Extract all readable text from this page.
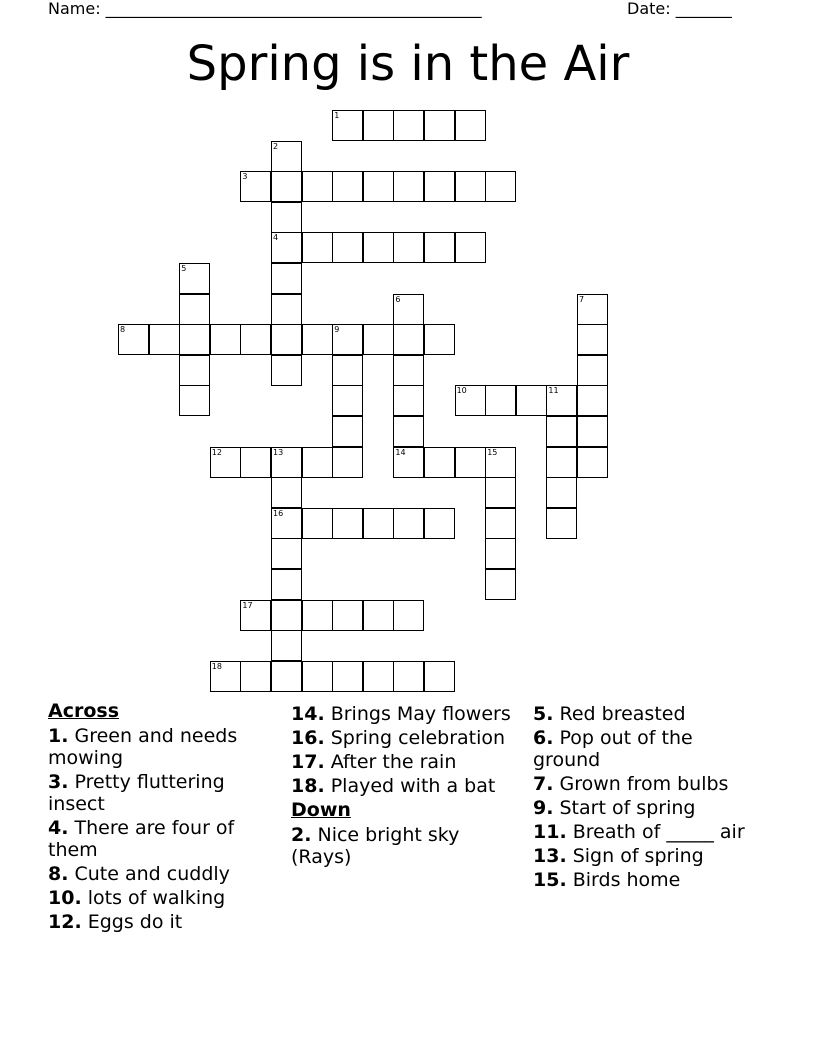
Name: _______________________________________________	Date: _______
Spring is in the Air
1
2
4
3
5
6
14
7
8	9
10	11
12	13
16
15
17
18
Across
1. Green and needs mowing
3. Pretty fluttering insect
4. There are four of them
8. Cute and cuddly
10. lots of walking
12. Eggs do it
14. Brings May flowers
16. Spring celebration
17. After the rain
18. Played with a bat
Down
2. Nice bright sky (Rays)
5. Red breasted
6. Pop out of the ground
7. Grown from bulbs
9. Start of spring
11. Breath of _____ air
13. Sign of spring
15. Birds home
